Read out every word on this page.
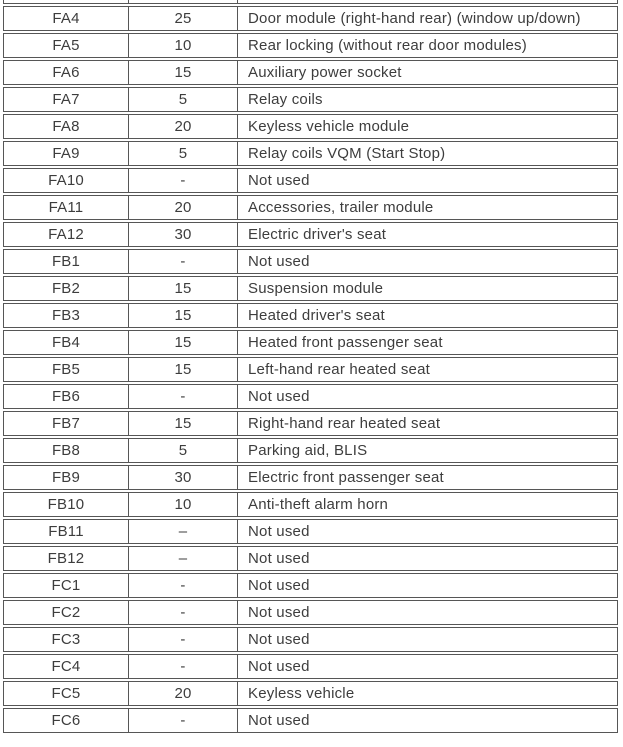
FA4	25	Door module (right-hand rear) (window up/down)
FA5	10	Rear locking (without rear door modules)
FA6	15	Auxiliary power socket
FA7	5	Relay coils
FA8	20	Keyless vehicle module
FA9	5	Relay coils VQM (Start Stop)
FA10	-	Not used
FA11	20	Accessories, trailer module
FA12	30	Electric driver's seat
FB1	-	Not used
FB2	15	Suspension module
FB3	15	Heated driver's seat
FB4	15	Heated front passenger seat
FB5	15	Left-hand rear heated seat
FB6	-	Not used
FB7	15	Right-hand rear heated seat
FB8	5	Parking aid, BLIS
FB9	30	Electric front passenger seat
FB10	10	Anti-theft alarm horn
FB11	–	Not used
FB12	–	Not used
FC1	-	Not used
FC2	-	Not used
FC3	-	Not used
FC4	-	Not used
FC5	20	Keyless vehicle
FC6	-	Not used
